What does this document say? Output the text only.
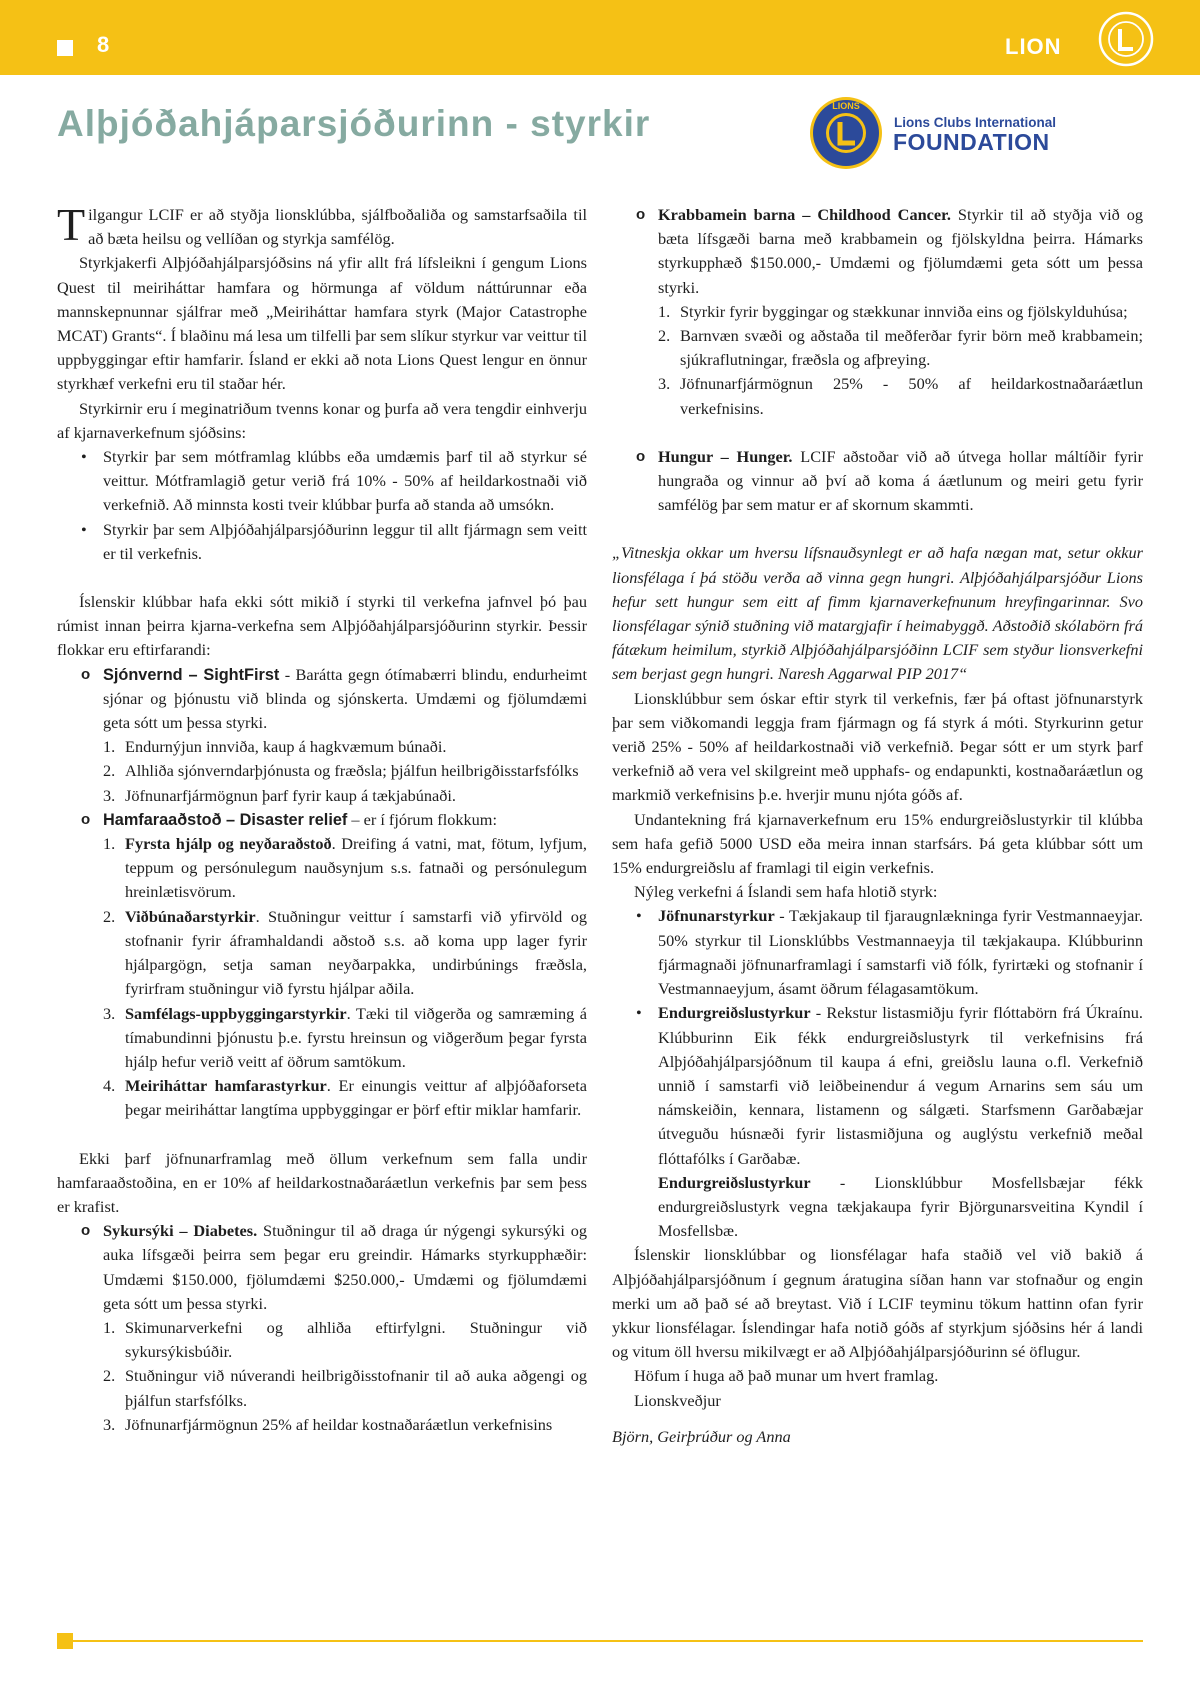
8	LION
Alþjóðahjáparsjóðurinn - styrkir	LIONS
Lions Clubs International
FOUNDATION

Tilgangur LCIF er að styðja lionsklúbba, sjálfboðaliða og samstarfsaðila til að bæta heilsu og vellíðan og styrkja samfélög.

Styrkjakerfi Alþjóðahjálparsjóðsins ná yfir allt frá lífsleikni í gengum Lions Quest til meiriháttar hamfara og hörmunga af völdum náttúrunnar eða mannskepnunnar sjálfrar með „Meiriháttar hamfara styrk (Major Catastrophe MCAT) Grants“. Í blaðinu má lesa um tilfelli þar sem slíkur styrkur var veittur til uppbyggingar eftir hamfarir. Ísland er ekki að nota Lions Quest lengur en önnur styrkhæf verkefni eru til staðar hér.

Styrkirnir eru í meginatriðum tvenns konar og þurfa að vera tengdir einhverju af kjarnaverkefnum sjóðsins:

• Styrkir þar sem mótframlag klúbbs eða umdæmis þarf til að styrkur sé veittur. Mótframlagið getur verið frá 10% - 50% af heildarkostnaði við verkefnið. Að minnsta kosti tveir klúbbar þurfa að standa að umsókn.
• Styrkir þar sem Alþjóðahjálparsjóðurinn leggur til allt fjármagn sem veitt er til verkefnis.

Íslenskir klúbbar hafa ekki sótt mikið í styrki til verkefna jafnvel þó þau rúmist innan þeirra kjarna-verkefna sem Alþjóðahjálparsjóðurinn styrkir. Þessir flokkar eru eftirfarandi:

o Sjónvernd – SightFirst - Barátta gegn ótímabærri blindu, endurheimt sjónar og þjónustu við blinda og sjónskerta. Umdæmi og fjölumdæmi geta sótt um þessa styrki.
1. Endurnýjun innviða, kaup á hagkvæmum búnaði.
2. Alhliða sjónverndarþjónusta og fræðsla; þjálfun heilbrigðisstarfsfólks
3. Jöfnunarfjármögnun þarf fyrir kaup á tækjabúnaði.
o Hamfaraaðstoð – Disaster relief – er í fjórum flokkum:
1. Fyrsta hjálp og neyðaraðstoð. Dreifing á vatni, mat, fötum, lyfjum, teppum og persónulegum nauðsynjum s.s. fatnaði og persónulegum hreinlætisvörum.
2. Viðbúnaðarstyrkir. Stuðningur veittur í samstarfi við yfirvöld og stofnanir fyrir áframhaldandi aðstoð s.s. að koma upp lager fyrir hjálpargögn, setja saman neyðarpakka, undirbúnings fræðsla, fyrirfram stuðningur við fyrstu hjálpar aðila.
3. Samfélags-uppbyggingarstyrkir. Tæki til viðgerða og samræming á tímabundinni þjónustu þ.e. fyrstu hreinsun og viðgerðum þegar fyrsta hjálp hefur verið veitt af öðrum samtökum.
4. Meiriháttar hamfarastyrkur. Er einungis veittur af alþjóðaforseta þegar meiriháttar langtíma uppbyggingar er þörf eftir miklar hamfarir.

Ekki þarf jöfnunarframlag með öllum verkefnum sem falla undir hamfaraaðstoðina, en er 10% af heildarkostnaðaráætlun verkefnis þar sem þess er krafist.

o Sykursýki – Diabetes. Stuðningur til að draga úr nýgengi sykursýki og auka lífsgæði þeirra sem þegar eru greindir. Hámarks styrkupphæðir: Umdæmi $150.000, fjölumdæmi $250.000,- Umdæmi og fjölumdæmi geta sótt um þessa styrki.
1. Skimunarverkefni og alhliða eftirfylgni. Stuðningur við sykursýkisbúðir.
2. Stuðningur við núverandi heilbrigðisstofnanir til að auka aðgengi og þjálfun starfsfólks.
3. Jöfnunarfjármögnun 25% af heildar kostnaðaráætlun verkefnisins
o Krabbamein barna – Childhood Cancer. Styrkir til að styðja við og bæta lífsgæði barna með krabbamein og fjölskyldna þeirra. Hámarks styrkupphæð $150.000,- Umdæmi og fjölumdæmi geta sótt um þessa styrki.
1. Styrkir fyrir byggingar og stækkunar innviða eins og fjölskylduhúsa;
2. Barnvæn svæði og aðstaða til meðferðar fyrir börn með krabbamein; sjúkraflutningar, fræðsla og afþreying.
3. Jöfnunarfjármögnun 25% - 50% af heildarkostnaðaráætlun verkefnisins.
o Hungur – Hunger. LCIF aðstoðar við að útvega hollar máltíðir fyrir hungraða og vinnur að því að koma á áætlunum og meiri getu fyrir samfélög þar sem matur er af skornum skammti.

„Vitneskja okkar um hversu lífsnauðsynlegt er að hafa nægan mat, setur okkur lionsfélaga í þá stöðu verða að vinna gegn hungri. Alþjóðahjálparsjóður Lions hefur sett hungur sem eitt af fimm kjarnaverkefnunum hreyfingarinnar. Svo lionsfélagar sýnið stuðning við matargjafir í heimabyggð. Aðstoðið skólabörn frá fátækum heimilum, styrkið Alþjóðahjálparsjóðinn LCIF sem styður lionsverkefni sem berjast gegn hungri. Naresh Aggarwal PIP 2017“

Lionsklúbbur sem óskar eftir styrk til verkefnis, fær þá oftast jöfnunarstyrk þar sem viðkomandi leggja fram fjármagn og fá styrk á móti. Styrkurinn getur verið 25% - 50% af heildarkostnaði við verkefnið. Þegar sótt er um styrk þarf verkefnið að vera vel skilgreint með upphafs- og endapunkti, kostnaðaráætlun og markmið verkefnisins þ.e. hverjir munu njóta góðs af.

Undantekning frá kjarnaverkefnum eru 15% endurgreiðslustyrkir til klúbba sem hafa gefið 5000 USD eða meira innan starfsárs. Þá geta klúbbar sótt um 15% endurgreiðslu af framlagi til eigin verkefnis.

Nýleg verkefni á Íslandi sem hafa hlotið styrk:

• Jöfnunarstyrkur - Tækjakaup til fjaraugnlækninga fyrir Vestmannaeyjar. 50% styrkur til Lionsklúbbs Vestmannaeyja til tækjakaupa. Klúbburinn fjármagnaði jöfnunarframlagi í samstarfi við fólk, fyrirtæki og stofnanir í Vestmannaeyjum, ásamt öðrum félagasamtökum.
• Endurgreiðslustyrkur - Rekstur listasmiðju fyrir flóttabörn frá Úkraínu. Klúbburinn Eik fékk endurgreiðslustyrk til verkefnisins frá Alþjóðahjálparsjóðnum til kaupa á efni, greiðslu launa o.fl. Verkefnið unnið í samstarfi við leiðbeinendur á vegum Arnarins sem sáu um námskeiðin, kennara, listamenn og sálgæti. Starfsmenn Garðabæjar útveguðu húsnæði fyrir listasmiðjuna og auglýstu verkefnið meðal flóttafólks í Garðabæ.
Endurgreiðslustyrkur - Lionsklúbbur Mosfellsbæjar fékk endurgreiðslustyrk vegna tækjakaupa fyrir Björgunarsveitina Kyndil í Mosfellsbæ.

Íslenskir lionsklúbbar og lionsfélagar hafa staðið vel við bakið á Alþjóðahjálparsjóðnum í gegnum áratugina síðan hann var stofnaður og engin merki um að það sé að breytast. Við í LCIF teyminu tökum hattinn ofan fyrir ykkur lionsfélagar. Íslendingar hafa notið góðs af styrkjum sjóðsins hér á landi og vitum öll hversu mikilvægt er að Alþjóðahjálparsjóðurinn sé öflugur.

Höfum í huga að það munar um hvert framlag.

Lionskveðjur

Björn, Geirþrúður og Anna
